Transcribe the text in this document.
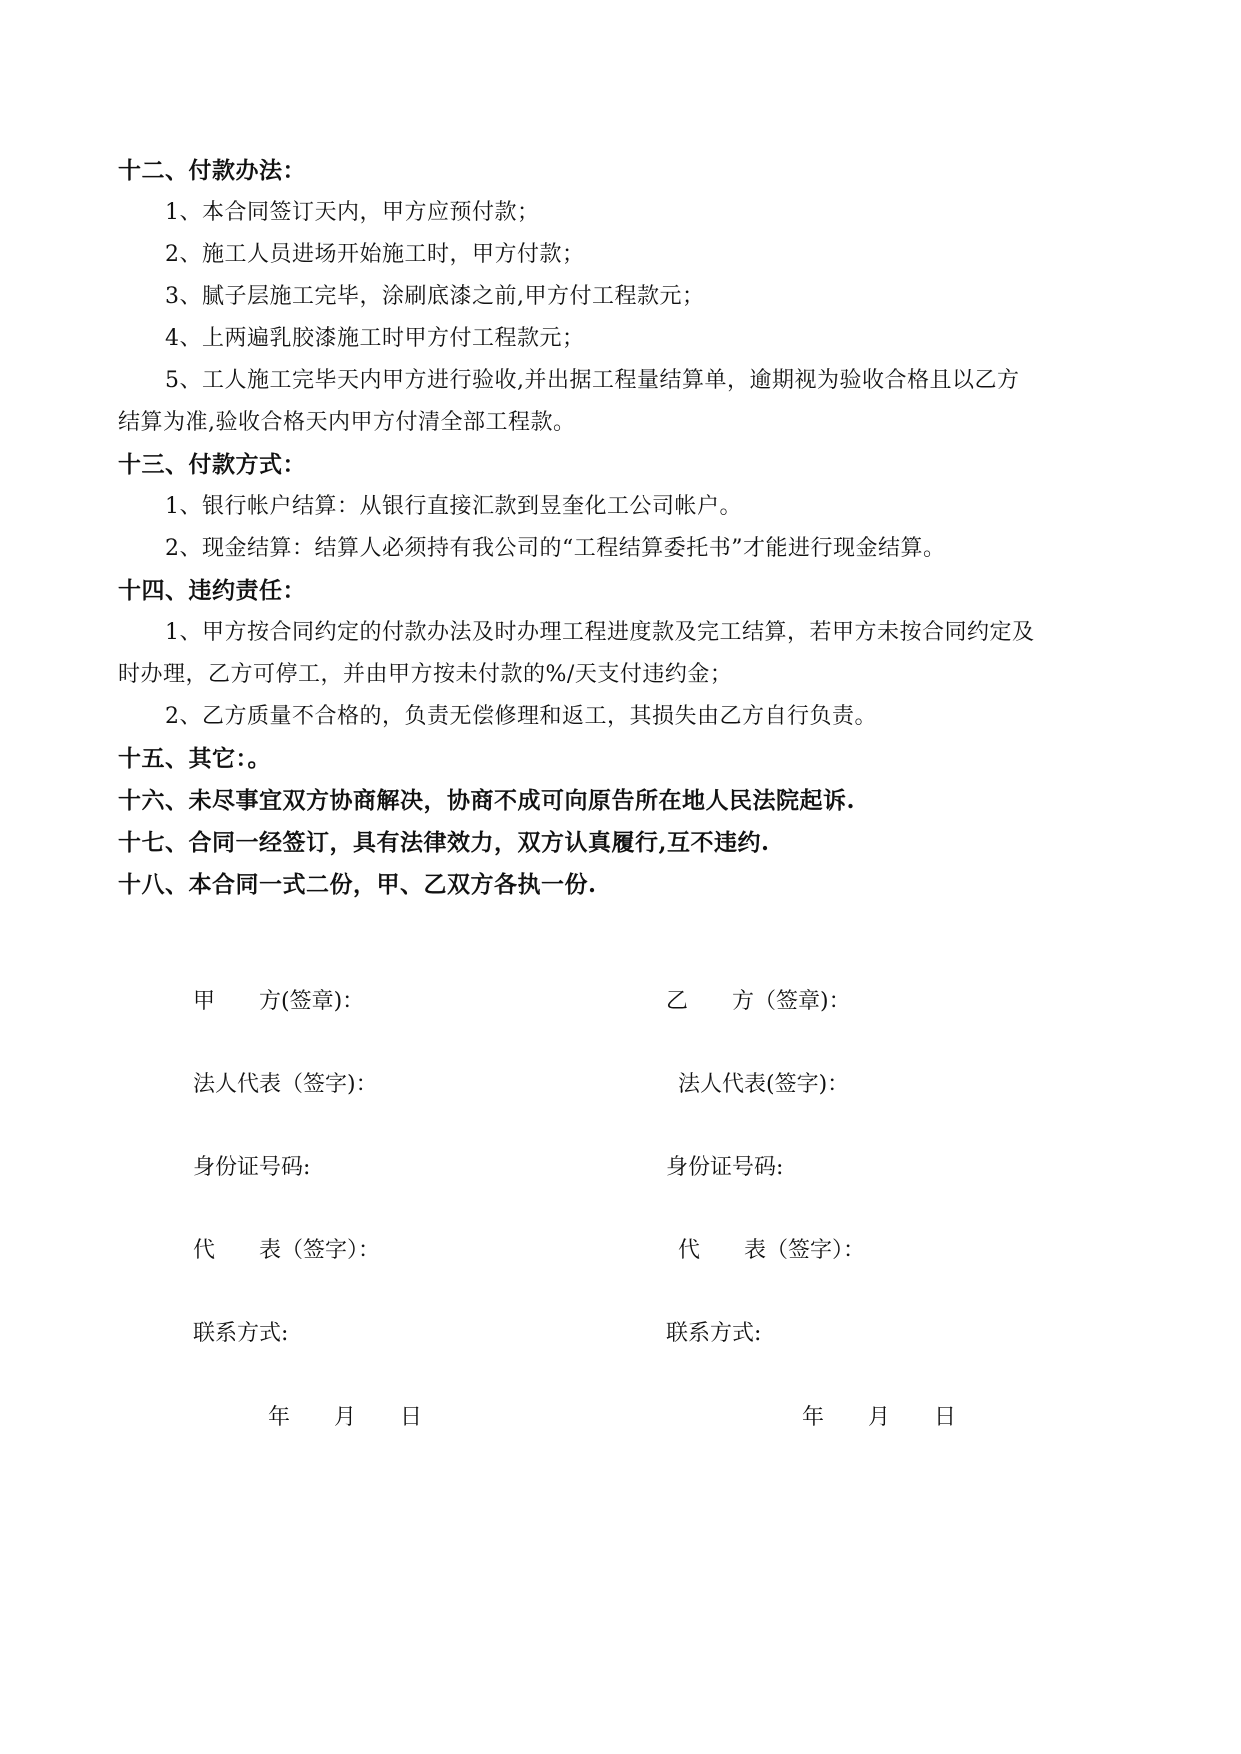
十二、付款办法：
1、本合同签订天内，甲方应预付款；
2、施工人员进场开始施工时，甲方付款；
3、腻子层施工完毕，涂刷底漆之前,甲方付工程款元；
4、上两遍乳胶漆施工时甲方付工程款元；
5、工人施工完毕天内甲方进行验收,并出据工程量结算单，逾期视为验收合格且以乙方
结算为准,验收合格天内甲方付清全部工程款。
十三、付款方式：
1、银行帐户结算：从银行直接汇款到昱奎化工公司帐户。
2、现金结算：结算人必须持有我公司的“工程结算委托书”才能进行现金结算。
十四、违约责任：
1、甲方按合同约定的付款办法及时办理工程进度款及完工结算，若甲方未按合同约定及
时办理，乙方可停工，并由甲方按未付款的%/天支付违约金；
2、乙方质量不合格的，负责无偿修理和返工，其损失由乙方自行负责。
十五、其它：。
十六、未尽事宜双方协商解决，协商不成可向原告所在地人民法院起诉.
十七、合同一经签订，具有法律效力，双方认真履行,互不违约.
十八、本合同一式二份，甲、乙双方各执一份.
甲　　方(签章)：
法人代表（签字)：
身份证号码:
代　　表（签字）：
联系方式:
年　　月　　日
乙　　方（签章)：
法人代表(签字)：
身份证号码:
代　　表（签字）：
联系方式:
年　　月　　日
